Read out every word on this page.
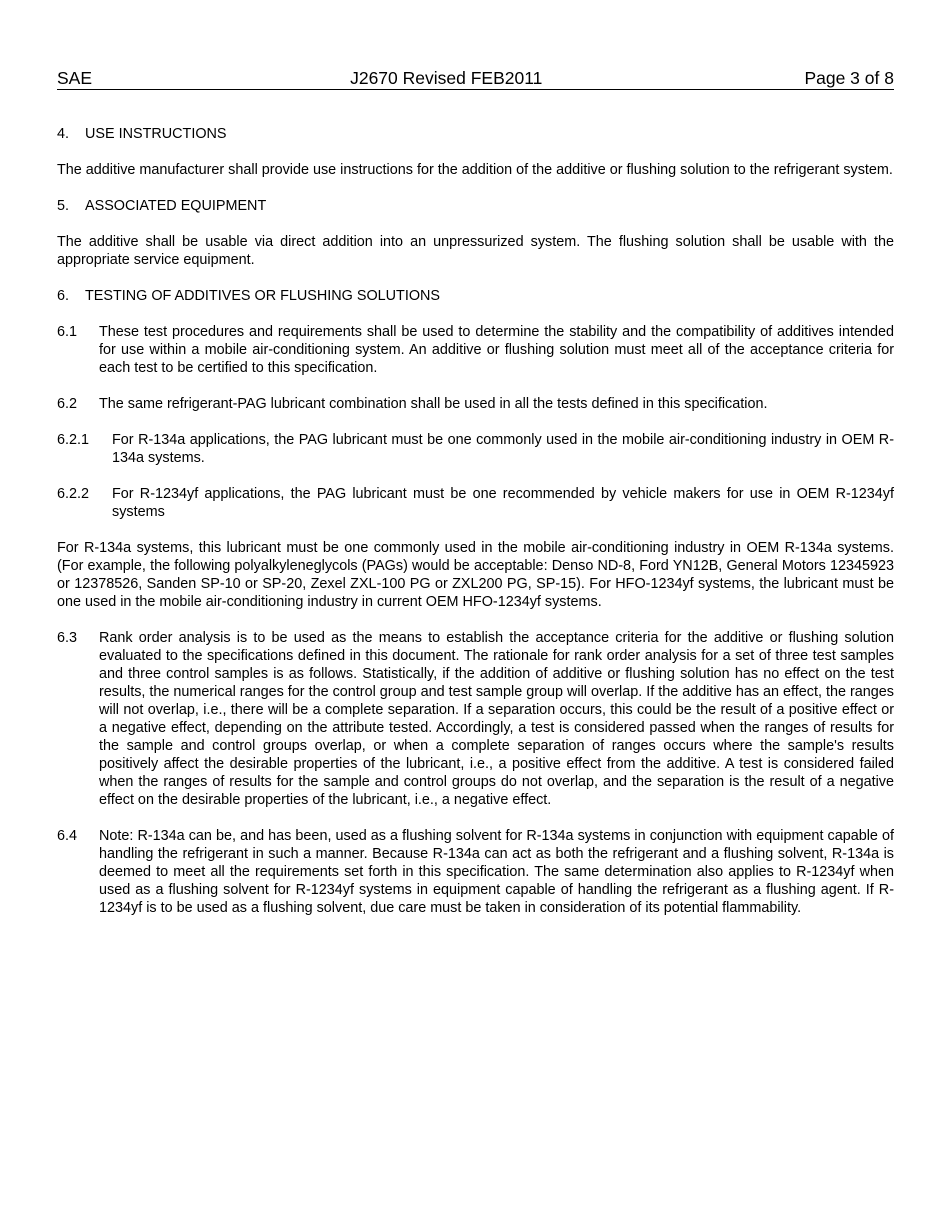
SAE	J2670 Revised FEB2011	Page 3 of 8
4. USE INSTRUCTIONS
The additive manufacturer shall provide use instructions for the addition of the additive or flushing solution to the refrigerant system.
5. ASSOCIATED EQUIPMENT
The additive shall be usable via direct addition into an unpressurized system. The flushing solution shall be usable with the appropriate service equipment.
6. TESTING OF ADDITIVES OR FLUSHING SOLUTIONS
6.1	These test procedures and requirements shall be used to determine the stability and the compatibility of additives intended for use within a mobile air-conditioning system. An additive or flushing solution must meet all of the acceptance criteria for each test to be certified to this specification.
6.2	The same refrigerant-PAG lubricant combination shall be used in all the tests defined in this specification.
6.2.1	For R-134a applications, the PAG lubricant must be one commonly used in the mobile air-conditioning industry in OEM R-134a systems.
6.2.2	For R-1234yf applications, the PAG lubricant must be one recommended by vehicle makers for use in OEM R-1234yf systems
For R-134a systems, this lubricant must be one commonly used in the mobile air-conditioning industry in OEM R-134a systems. (For example, the following polyalkyleneglycols (PAGs) would be acceptable: Denso ND-8, Ford YN12B, General Motors 12345923 or 12378526, Sanden SP-10 or SP-20, Zexel ZXL-100 PG or ZXL200 PG, SP-15). For HFO-1234yf systems, the lubricant must be one used in the mobile air-conditioning industry in current OEM HFO-1234yf systems.
6.3	Rank order analysis is to be used as the means to establish the acceptance criteria for the additive or flushing solution evaluated to the specifications defined in this document. The rationale for rank order analysis for a set of three test samples and three control samples is as follows. Statistically, if the addition of additive or flushing solution has no effect on the test results, the numerical ranges for the control group and test sample group will overlap. If the additive has an effect, the ranges will not overlap, i.e., there will be a complete separation. If a separation occurs, this could be the result of a positive effect or a negative effect, depending on the attribute tested. Accordingly, a test is considered passed when the ranges of results for the sample and control groups overlap, or when a complete separation of ranges occurs where the sample's results positively affect the desirable properties of the lubricant, i.e., a positive effect from the additive. A test is considered failed when the ranges of results for the sample and control groups do not overlap, and the separation is the result of a negative effect on the desirable properties of the lubricant, i.e., a negative effect.
6.4	Note: R-134a can be, and has been, used as a flushing solvent for R-134a systems in conjunction with equipment capable of handling the refrigerant in such a manner. Because R-134a can act as both the refrigerant and a flushing solvent, R-134a is deemed to meet all the requirements set forth in this specification. The same determination also applies to R-1234yf when used as a flushing solvent for R-1234yf systems in equipment capable of handling the refrigerant as a flushing agent. If R-1234yf is to be used as a flushing solvent, due care must be taken in consideration of its potential flammability.
